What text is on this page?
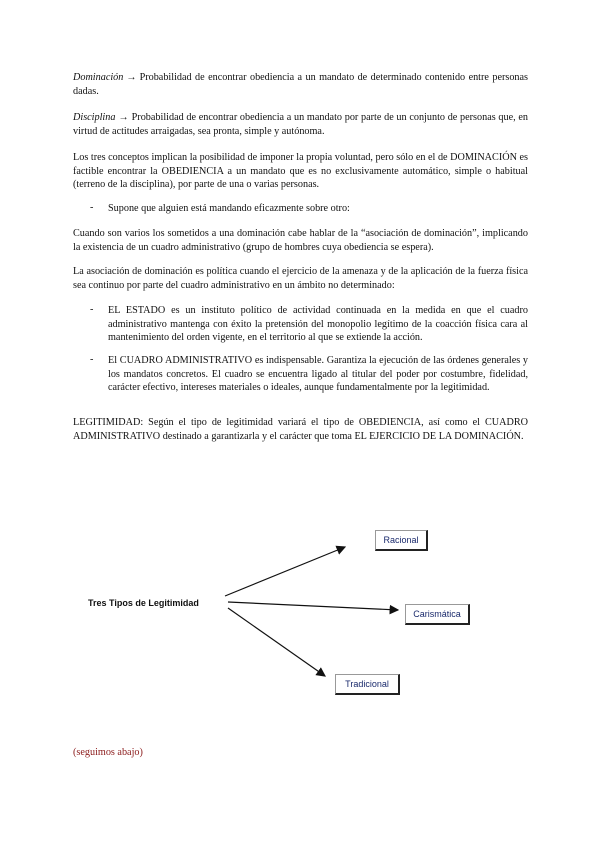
Dominación → Probabilidad de encontrar obediencia a un mandato de determinado contenido entre personas dadas.

Disciplina → Probabilidad de encontrar obediencia a un mandato por parte de un conjunto de personas que, en virtud de actitudes arraigadas, sea pronta, simple y autónoma.

Los tres conceptos implican la posibilidad de imponer la propia voluntad, pero sólo en el de DOMINACIÓN es factible encontrar la OBEDIENCIA a un mandato que es no exclusivamente automático, simple o habitual (terreno de la disciplina), por parte de una o varias personas.

- Supone que alguien está mandando eficazmente sobre otro:

Cuando son varios los sometidos a una dominación cabe hablar de la “asociación de dominación”, implicando la existencia de un cuadro administrativo (grupo de hombres cuya obediencia se espera).

La asociación de dominación es política cuando el ejercicio de la amenaza y de la aplicación de la fuerza física sea continuo por parte del cuadro administrativo en un ámbito no determinado:

- EL ESTADO es un instituto político de actividad continuada en la medida en que el cuadro administrativo mantenga con éxito la pretensión del monopolio legítimo de la coacción física cara al mantenimiento del orden vigente, en el territorio al que se extiende la acción.

- El CUADRO ADMINISTRATIVO es indispensable. Garantiza la ejecución de las órdenes generales y los mandatos concretos. El cuadro se encuentra ligado al titular del poder por costumbre, fidelidad, carácter efectivo, intereses materiales o ideales, aunque fundamentalmente por la legitimidad.

LEGITIMIDAD: Según el tipo de legitimidad variará el tipo de OBEDIENCIA, así como el CUADRO ADMINISTRATIVO destinado a garantizarla y el carácter que toma EL EJERCICIO DE LA DOMINACIÓN.

Tres Tipos de Legitimidad
Racional
Carismática
Tradicional
(seguimos abajo)
